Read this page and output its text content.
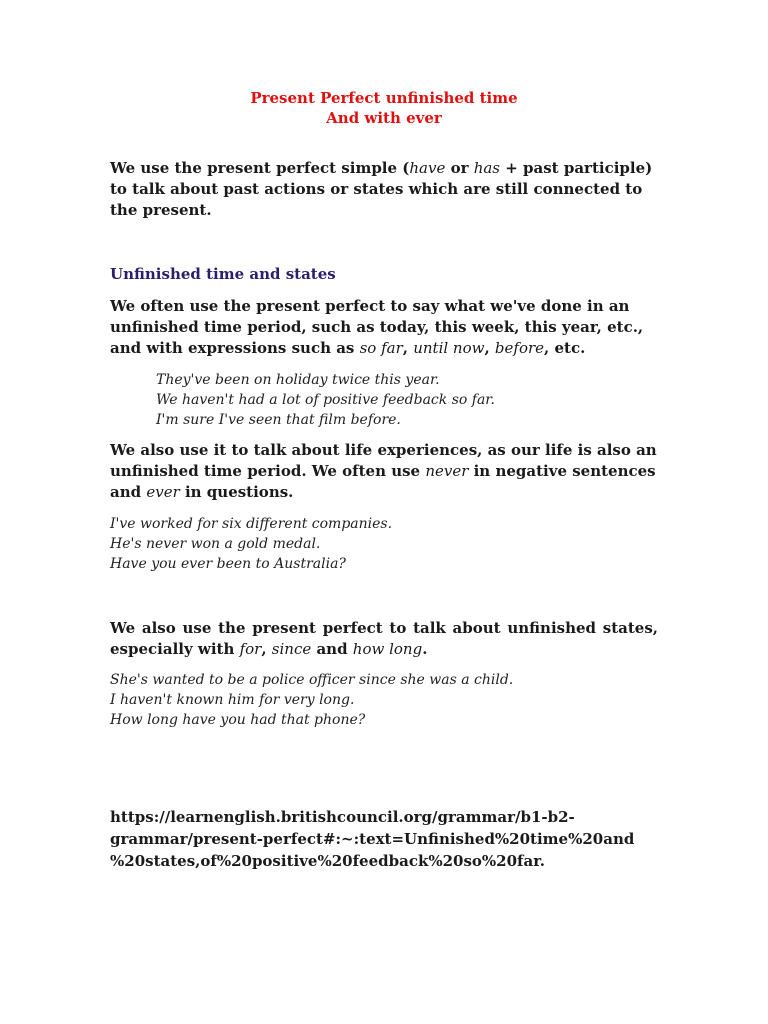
Present Perfect unfinished time
And with ever
We use the present perfect simple (have or has + past participle) to talk about past actions or states which are still connected to the present.
Unfinished time and states
We often use the present perfect to say what we've done in an unfinished time period, such as today, this week, this year, etc., and with expressions such as so far, until now, before, etc.
They've been on holiday twice this year.
We haven't had a lot of positive feedback so far.
I'm sure I've seen that film before.
We also use it to talk about life experiences, as our life is also an unfinished time period. We often use never in negative sentences and ever in questions.
I've worked for six different companies.
He's never won a gold medal.
Have you ever been to Australia?
We also use the present perfect to talk about unfinished states, especially with for, since and how long.
She's wanted to be a police officer since she was a child.
I haven't known him for very long.
How long have you had that phone?
https://learnenglish.britishcouncil.org/grammar/b1-b2-
grammar/present-perfect#:~:text=Unfinished%20time%20and
%20states,of%20positive%20feedback%20so%20far.
